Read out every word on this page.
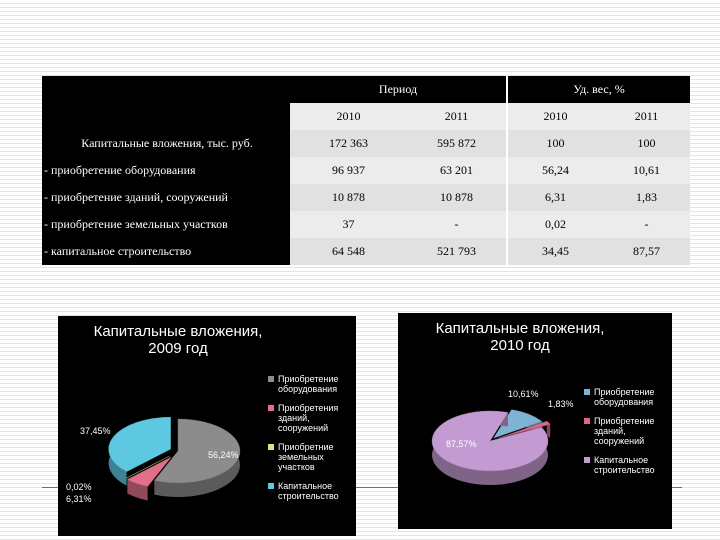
	Период		Уд. вес, %	
	2010	2011	2010	2011
Капитальные вложения, тыс. руб.	172 363	595 872	100	100
- приобретение оборудования	96 937	63 201	56,24	10,61
- приобретение зданий, сооружений	10 878	10 878	6,31	1,83
- приобретение земельных участков	37	-	0,02	-
- капитальное строительство	64 548	521 793	34,45	87,57
Капитальные вложения,
2009 год
56,24%
6,31%
0,02%
37,45%
Приобретение
оборудования
Приобретения
зданий,
сооружений
Приобретние
земельных
участков
Капитальное
строительство
Капитальные вложения,
2010 год
10,61%
1,83%
87,57%
Приобретение
оборудования
Приобретение
зданий,
сооружений
Капитальное
строительство
